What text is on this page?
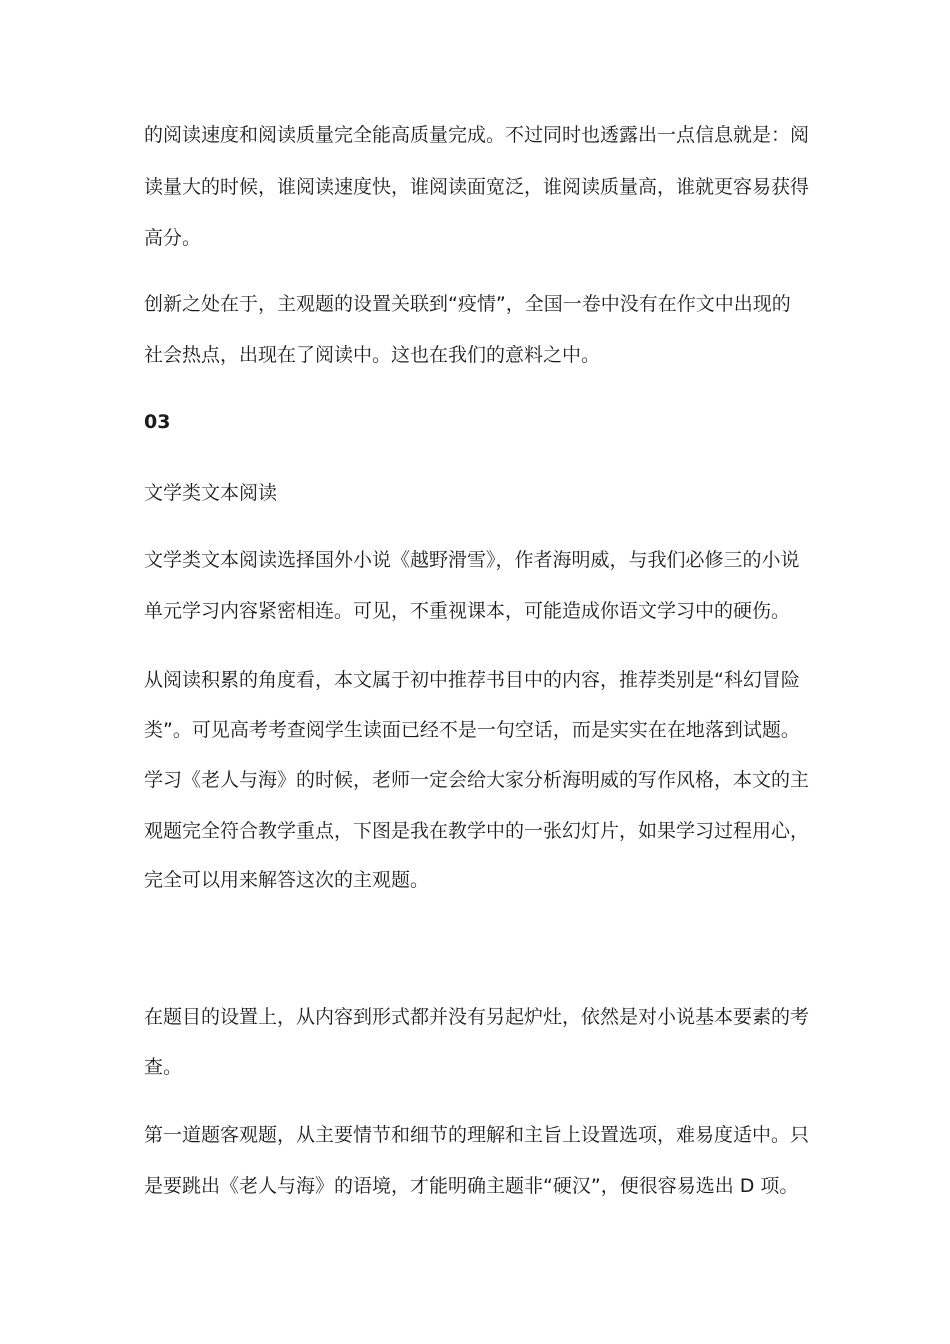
的阅读速度和阅读质量完全能高质量完成。不过同时也透露出一点信息就是：阅
读量大的时候，谁阅读速度快，谁阅读面宽泛，谁阅读质量高，谁就更容易获得
高分。
创新之处在于，主观题的设置关联到“疫情”，全国一卷中没有在作文中出现的
社会热点，出现在了阅读中。这也在我们的意料之中。
03
文学类文本阅读
文学类文本阅读选择国外小说《越野滑雪》，作者海明威，与我们必修三的小说
单元学习内容紧密相连。可见，不重视课本，可能造成你语文学习中的硬伤。
从阅读积累的角度看，本文属于初中推荐书目中的内容，推荐类别是“科幻冒险
类”。可见高考考查阅学生读面已经不是一句空话，而是实实在在地落到试题。
学习《老人与海》的时候，老师一定会给大家分析海明威的写作风格，本文的主
观题完全符合教学重点，下图是我在教学中的一张幻灯片，如果学习过程用心，
完全可以用来解答这次的主观题。
在题目的设置上，从内容到形式都并没有另起炉灶，依然是对小说基本要素的考
查。
第一道题客观题，从主要情节和细节的理解和主旨上设置选项，难易度适中。只
是要跳出《老人与海》的语境，才能明确主题非“硬汉”，便很容易选出 D 项。
